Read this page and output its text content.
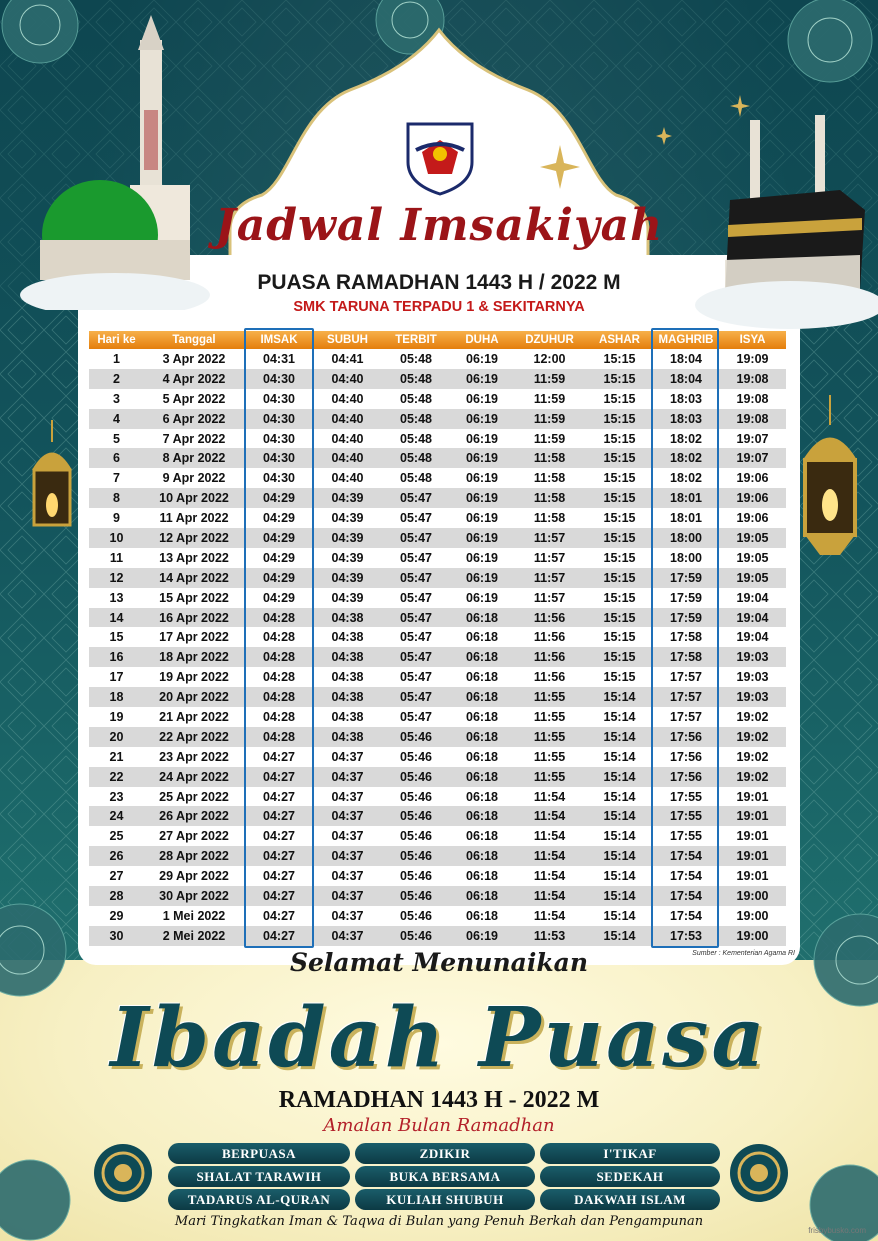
Jadwal Imsakiyah
PUASA RAMADHAN 1443 H / 2022 M
SMK TARUNA TERPADU 1 & SEKITARNYA
Hari ke	Tanggal	IMSAK	SUBUH	TERBIT	DUHA	DZUHUR	ASHAR	MAGHRIB	ISYA
1	3 Apr 2022	04:31	04:41	05:48	06:19	12:00	15:15	18:04	19:09
2	4 Apr 2022	04:30	04:40	05:48	06:19	11:59	15:15	18:04	19:08
3	5 Apr 2022	04:30	04:40	05:48	06:19	11:59	15:15	18:03	19:08
4	6 Apr 2022	04:30	04:40	05:48	06:19	11:59	15:15	18:03	19:08
5	7 Apr 2022	04:30	04:40	05:48	06:19	11:59	15:15	18:02	19:07
6	8 Apr 2022	04:30	04:40	05:48	06:19	11:58	15:15	18:02	19:07
7	9 Apr 2022	04:30	04:40	05:48	06:19	11:58	15:15	18:02	19:06
8	10 Apr 2022	04:29	04:39	05:47	06:19	11:58	15:15	18:01	19:06
9	11 Apr 2022	04:29	04:39	05:47	06:19	11:58	15:15	18:01	19:06
10	12 Apr 2022	04:29	04:39	05:47	06:19	11:57	15:15	18:00	19:05
11	13 Apr 2022	04:29	04:39	05:47	06:19	11:57	15:15	18:00	19:05
12	14 Apr 2022	04:29	04:39	05:47	06:19	11:57	15:15	17:59	19:05
13	15 Apr 2022	04:29	04:39	05:47	06:19	11:57	15:15	17:59	19:04
14	16 Apr 2022	04:28	04:38	05:47	06:18	11:56	15:15	17:59	19:04
15	17 Apr 2022	04:28	04:38	05:47	06:18	11:56	15:15	17:58	19:04
16	18 Apr 2022	04:28	04:38	05:47	06:18	11:56	15:15	17:58	19:03
17	19 Apr 2022	04:28	04:38	05:47	06:18	11:56	15:15	17:57	19:03
18	20 Apr 2022	04:28	04:38	05:47	06:18	11:55	15:14	17:57	19:03
19	21 Apr 2022	04:28	04:38	05:47	06:18	11:55	15:14	17:57	19:02
20	22 Apr 2022	04:28	04:38	05:46	06:18	11:55	15:14	17:56	19:02
21	23 Apr 2022	04:27	04:37	05:46	06:18	11:55	15:14	17:56	19:02
22	24 Apr 2022	04:27	04:37	05:46	06:18	11:55	15:14	17:56	19:02
23	25 Apr 2022	04:27	04:37	05:46	06:18	11:54	15:14	17:55	19:01
24	26 Apr 2022	04:27	04:37	05:46	06:18	11:54	15:14	17:55	19:01
25	27 Apr 2022	04:27	04:37	05:46	06:18	11:54	15:14	17:55	19:01
26	28 Apr 2022	04:27	04:37	05:46	06:18	11:54	15:14	17:54	19:01
27	29 Apr 2022	04:27	04:37	05:46	06:18	11:54	15:14	17:54	19:01
28	30 Apr 2022	04:27	04:37	05:46	06:18	11:54	15:14	17:54	19:00
29	1 Mei 2022	04:27	04:37	05:46	06:18	11:54	15:14	17:54	19:00
30	2 Mei 2022	04:27	04:37	05:46	06:19	11:53	15:14	17:53	19:00
Sumber : Kementerian Agama RI
Selamat Menunaikan
Ibadah Puasa
RAMADHAN 1443 H - 2022 M
Amalan Bulan Ramadhan
BERPUASA	ZDIKIR	I'TIKAF
SHALAT TARAWIH	BUKA BERSAMA	SEDEKAH
TADARUS AL-QURAN	KULIAH SHUBUH	DAKWAH ISLAM
Mari Tingkatkan Iman & Taqwa di Bulan yang Penuh Berkah dan Pengampunan
frisbybusko.com
